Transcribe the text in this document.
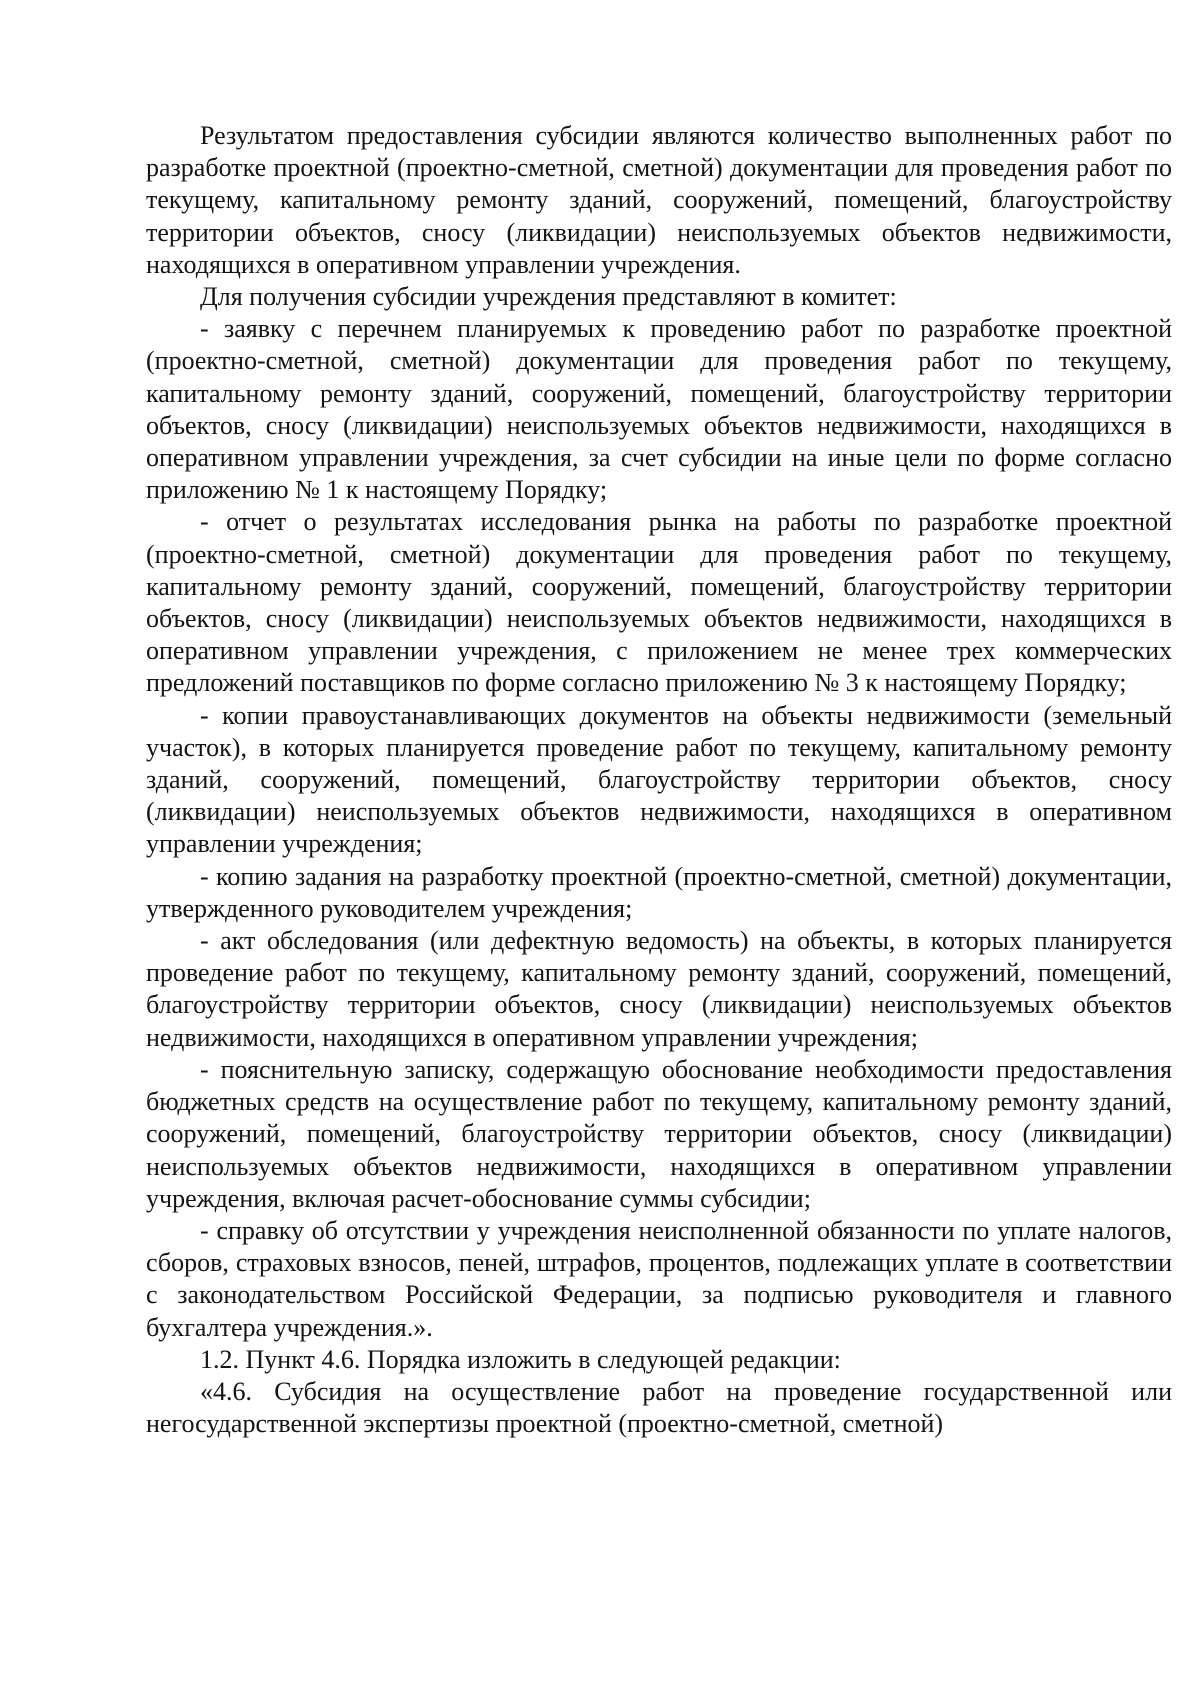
Результатом предоставления субсидии являются количество выполненных работ по разработке проектной (проектно-сметной, сметной) документации для проведения работ по текущему, капитальному ремонту зданий, сооружений, помещений, благоустройству территории объектов, сносу (ликвидации) неиспользуемых объектов недвижимости, находящихся в оперативном управлении учреждения.

Для получения субсидии учреждения представляют в комитет:

- заявку с перечнем планируемых к проведению работ по разработке проектной (проектно-сметной, сметной) документации для проведения работ по текущему, капитальному ремонту зданий, сооружений, помещений, благоустройству территории объектов, сносу (ликвидации) неиспользуемых объектов недвижимости, находящихся в оперативном управлении учреждения, за счет субсидии на иные цели по форме согласно приложению № 1 к настоящему Порядку;

- отчет о результатах исследования рынка на работы по разработке проектной (проектно-сметной, сметной) документации для проведения работ по текущему, капитальному ремонту зданий, сооружений, помещений, благоустройству территории объектов, сносу (ликвидации) неиспользуемых объектов недвижимости, находящихся в оперативном управлении учреждения, с приложением не менее трех коммерческих предложений поставщиков по форме согласно приложению № 3 к настоящему Порядку;

- копии правоустанавливающих документов на объекты недвижимости (земельный участок), в которых планируется проведение работ по текущему, капитальному ремонту зданий, сооружений, помещений, благоустройству территории объектов, сносу (ликвидации) неиспользуемых объектов недвижимости, находящихся в оперативном управлении учреждения;

- копию задания на разработку проектной (проектно-сметной, сметной) документации, утвержденного руководителем учреждения;

- акт обследования (или дефектную ведомость) на объекты, в которых планируется проведение работ по текущему, капитальному ремонту зданий, сооружений, помещений, благоустройству территории объектов, сносу (ликвидации) неиспользуемых объектов недвижимости, находящихся в оперативном управлении учреждения;

- пояснительную записку, содержащую обоснование необходимости предоставления бюджетных средств на осуществление работ по текущему, капитальному ремонту зданий, сооружений, помещений, благоустройству территории объектов, сносу (ликвидации) неиспользуемых объектов недвижимости, находящихся в оперативном управлении учреждения, включая расчет-обоснование суммы субсидии;

- справку об отсутствии у учреждения неисполненной обязанности по уплате налогов, сборов, страховых взносов, пеней, штрафов, процентов, подлежащих уплате в соответствии с законодательством Российской Федерации, за подписью руководителя и главного бухгалтера учреждения.».

1.2. Пункт 4.6. Порядка изложить в следующей редакции:

«4.6. Субсидия на осуществление работ на проведение государственной или негосударственной экспертизы проектной (проектно-сметной, сметной)
